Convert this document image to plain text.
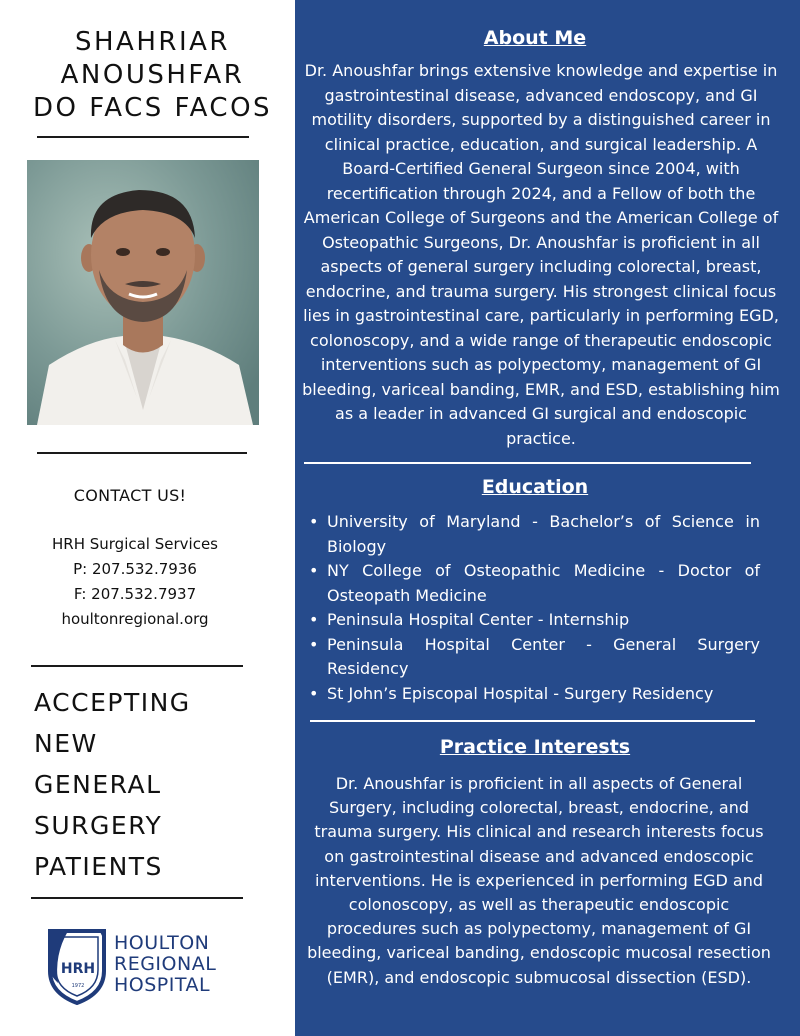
SHAHRIAR
ANOUSHFAR
DO FACS FACOS
CONTACT US!
HRH Surgical Services
P: 207.532.7936
F: 207.532.7937
houltonregional.org
ACCEPTING
NEW
GENERAL
SURGERY
PATIENTS
HRH
1972
HOULTON
REGIONAL
HOSPITAL
About Me
Dr. Anoushfar brings extensive knowledge and expertise in gastrointestinal disease, advanced endoscopy, and GI motility disorders, supported by a distinguished career in clinical practice, education, and surgical leadership. A Board-Certified General Surgeon since 2004, with recertification through 2024, and a Fellow of both the American College of Surgeons and the American College of Osteopathic Surgeons, Dr. Anoushfar is proficient in all aspects of general surgery including colorectal, breast, endocrine, and trauma surgery. His strongest clinical focus lies in gastrointestinal care, particularly in performing EGD, colonoscopy, and a wide range of therapeutic endoscopic interventions such as polypectomy, management of GI bleeding, variceal banding, EMR, and ESD, establishing him as a leader in advanced GI surgical and endoscopic practice.
Education
• University of Maryland - Bachelor’s of Science in Biology
• NY College of Osteopathic Medicine - Doctor of Osteopath Medicine
• Peninsula Hospital Center - Internship
• Peninsula Hospital Center - General Surgery Residency
• St John’s Episcopal Hospital - Surgery Residency
Practice Interests
Dr. Anoushfar is proficient in all aspects of General Surgery, including colorectal, breast, endocrine, and trauma surgery. His clinical and research interests focus on gastrointestinal disease and advanced endoscopic interventions. He is experienced in performing EGD and colonoscopy, as well as therapeutic endoscopic procedures such as polypectomy, management of GI bleeding, variceal banding, endoscopic mucosal resection (EMR), and endoscopic submucosal dissection (ESD).
